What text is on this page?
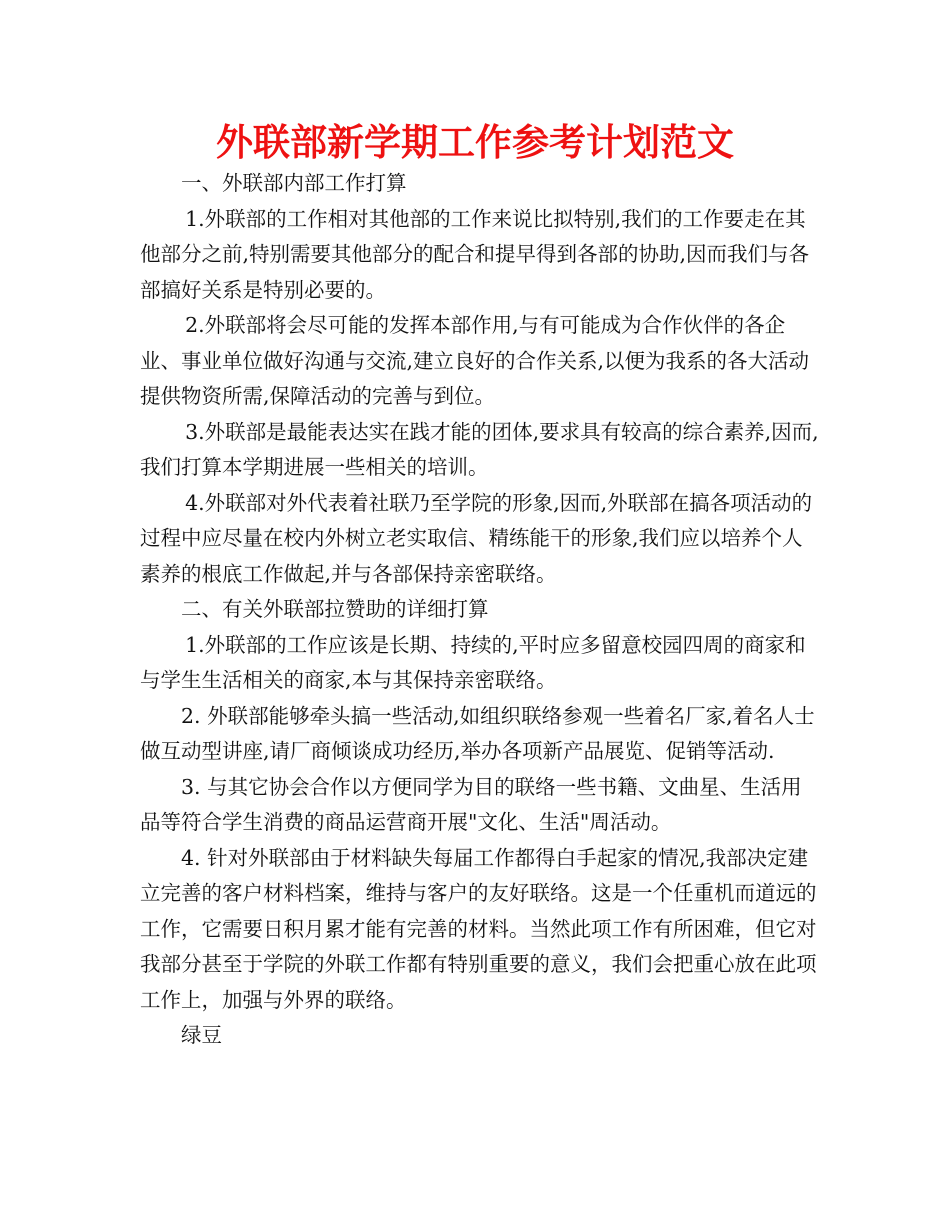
外联部新学期工作参考计划范文

一、外联部内部工作打算

1.外联部的工作相对其他部的工作来说比拟特别,我们的工作要走在其他部分之前,特别需要其他部分的配合和提早得到各部的协助,因而我们与各部搞好关系是特别必要的。

2.外联部将会尽可能的发挥本部作用,与有可能成为合作伙伴的各企业、事业单位做好沟通与交流,建立良好的合作关系,以便为我系的各大活动提供物资所需,保障活动的完善与到位。

3.外联部是最能表达实在践才能的团体,要求具有较高的综合素养,因而,我们打算本学期进展一些相关的培训。

4.外联部对外代表着社联乃至学院的形象,因而,外联部在搞各项活动的过程中应尽量在校内外树立老实取信、精练能干的形象,我们应以培养个人素养的根底工作做起,并与各部保持亲密联络。

二、有关外联部拉赞助的详细打算

1.外联部的工作应该是长期、持续的,平时应多留意校园四周的商家和与学生生活相关的商家,本与其保持亲密联络。

2. 外联部能够牵头搞一些活动,如组织联络参观一些着名厂家,着名人士做互动型讲座,请厂商倾谈成功经历,举办各项新产品展览、促销等活动.

3. 与其它协会合作以方便同学为目的联络一些书籍、文曲星、生活用品等符合学生消费的商品运营商开展"文化、生活"周活动。

4. 针对外联部由于材料缺失每届工作都得白手起家的情况,我部决定建立完善的客户材料档案，维持与客户的友好联络。这是一个任重机而道远的工作，它需要日积月累才能有完善的材料。当然此项工作有所困难，但它对我部分甚至于学院的外联工作都有特别重要的意义，我们会把重心放在此项工作上，加强与外界的联络。

绿豆
